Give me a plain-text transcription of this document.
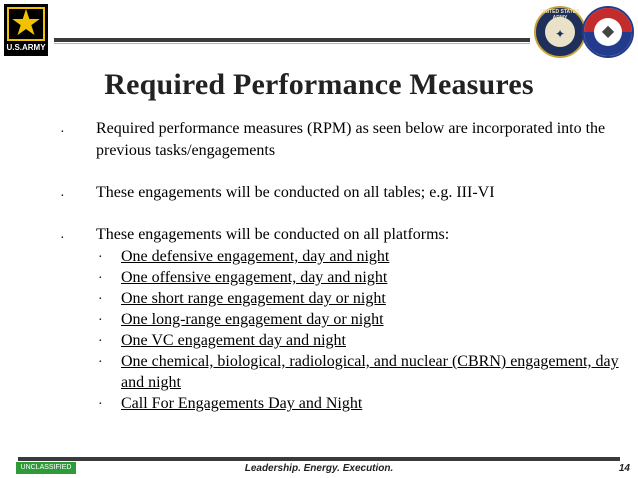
★
U.S.ARMY
UNITED STATES
✦	◆
Required Performance Measures
· Required performance measures (RPM) as seen below are incorporated into the previous tasks/engagements
· These engagements will be conducted on all tables; e.g. III-VI
· These engagements will be conducted on all platforms:
· One defensive engagement, day and night
· One offensive engagement, day and night
· One short range engagement day or night
· One long-range engagement day or night
· One VC engagement day and night
· One chemical, biological, radiological, and nuclear (CBRN) engagement, day and night
· Call For Engagements Day and Night
UNCLASSIFIED	Leadership. Energy. Execution.	14
